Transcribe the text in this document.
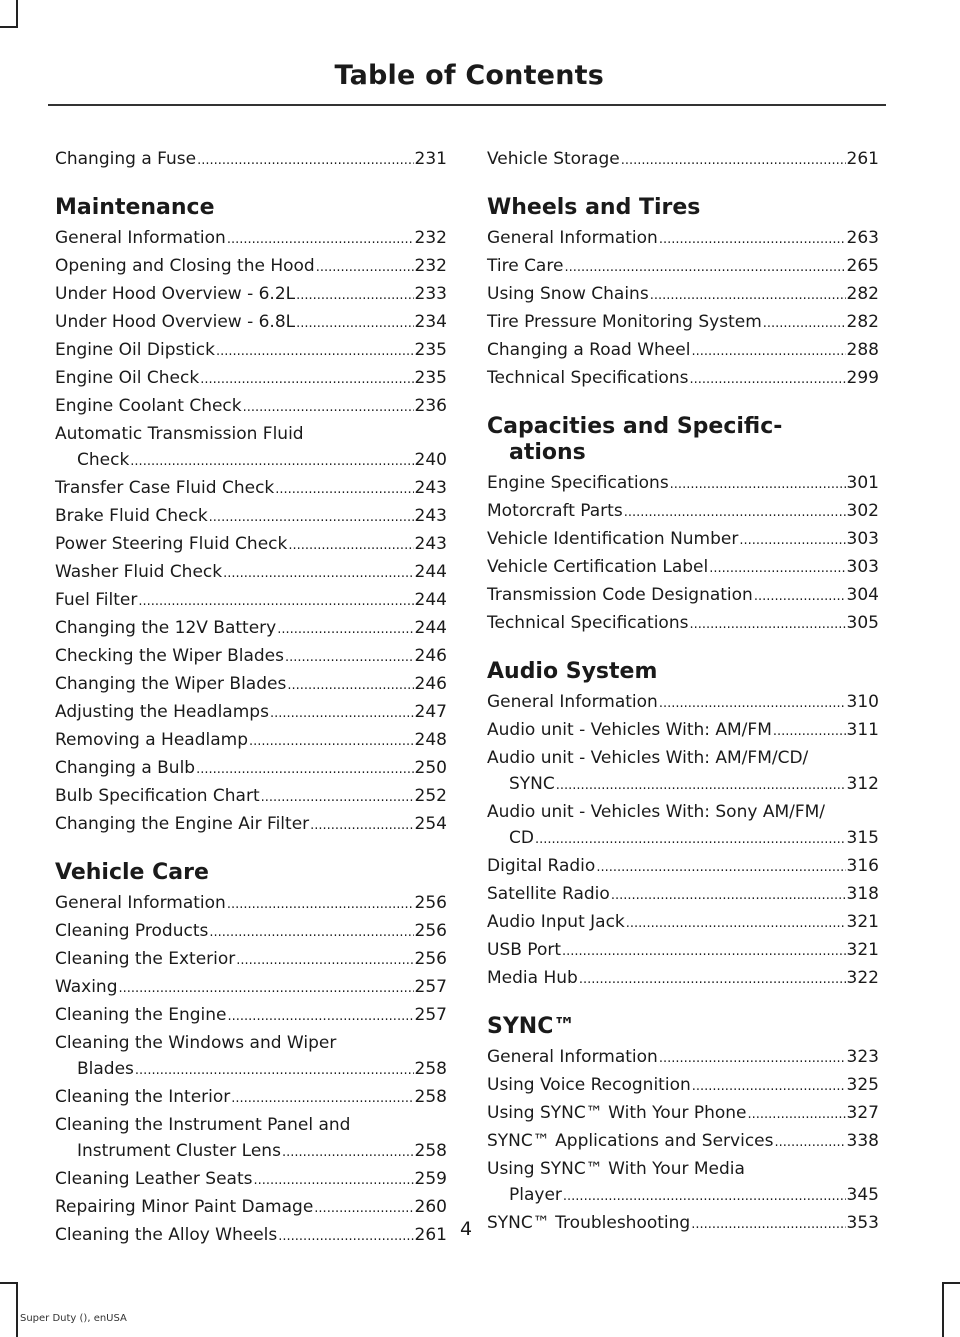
Table of Contents
Changing a Fuse .....	231
Maintenance
General Information .....	232
Opening and Closing the Hood .....	232
Under Hood Overview - 6.2L .....	233
Under Hood Overview - 6.8L .....	234
Engine Oil Dipstick .....	235
Engine Oil Check .....	235
Engine Coolant Check .....	236
Automatic Transmission Fluid
Check .....	240
Transfer Case Fluid Check .....	243
Brake Fluid Check .....	243
Power Steering Fluid Check .....	243
Washer Fluid Check .....	244
Fuel Filter .....	244
Changing the 12V Battery .....	244
Checking the Wiper Blades .....	246
Changing the Wiper Blades .....	246
Adjusting the Headlamps .....	247
Removing a Headlamp .....	248
Changing a Bulb .....	250
Bulb Specification Chart .....	252
Changing the Engine Air Filter .....	254
Vehicle Care
General Information .....	256
Cleaning Products .....	256
Cleaning the Exterior .....	256
Waxing .....	257
Cleaning the Engine .....	257
Cleaning the Windows and Wiper
Blades .....	258
Cleaning the Interior .....	258
Cleaning the Instrument Panel and
Instrument Cluster Lens .....	258
Cleaning Leather Seats .....	259
Repairing Minor Paint Damage .....	260
Cleaning the Alloy Wheels .....	261
Vehicle Storage .....	261
Wheels and Tires
General Information .....	263
Tire Care .....	265
Using Snow Chains .....	282
Tire Pressure Monitoring System .....	282
Changing a Road Wheel .....	288
Technical Specifications .....	299
Capacities and Specific-
ations
Engine Specifications .....	301
Motorcraft Parts .....	302
Vehicle Identification Number .....	303
Vehicle Certification Label .....	303
Transmission Code Designation .....	304
Technical Specifications .....	305
Audio System
General Information .....	310
Audio unit - Vehicles With: AM/FM .....	311
Audio unit - Vehicles With: AM/FM/CD/
SYNC .....	312
Audio unit - Vehicles With: Sony AM/FM/
CD .....	315
Digital Radio .....	316
Satellite Radio .....	318
Audio Input Jack .....	321
USB Port .....	321
Media Hub .....	322
SYNC™
General Information .....	323
Using Voice Recognition .....	325
Using SYNC™ With Your Phone .....	327
SYNC™ Applications and Services .....	338
Using SYNC™ With Your Media
Player .....	345
SYNC™ Troubleshooting .....	353
4
Super Duty (), enUSA
